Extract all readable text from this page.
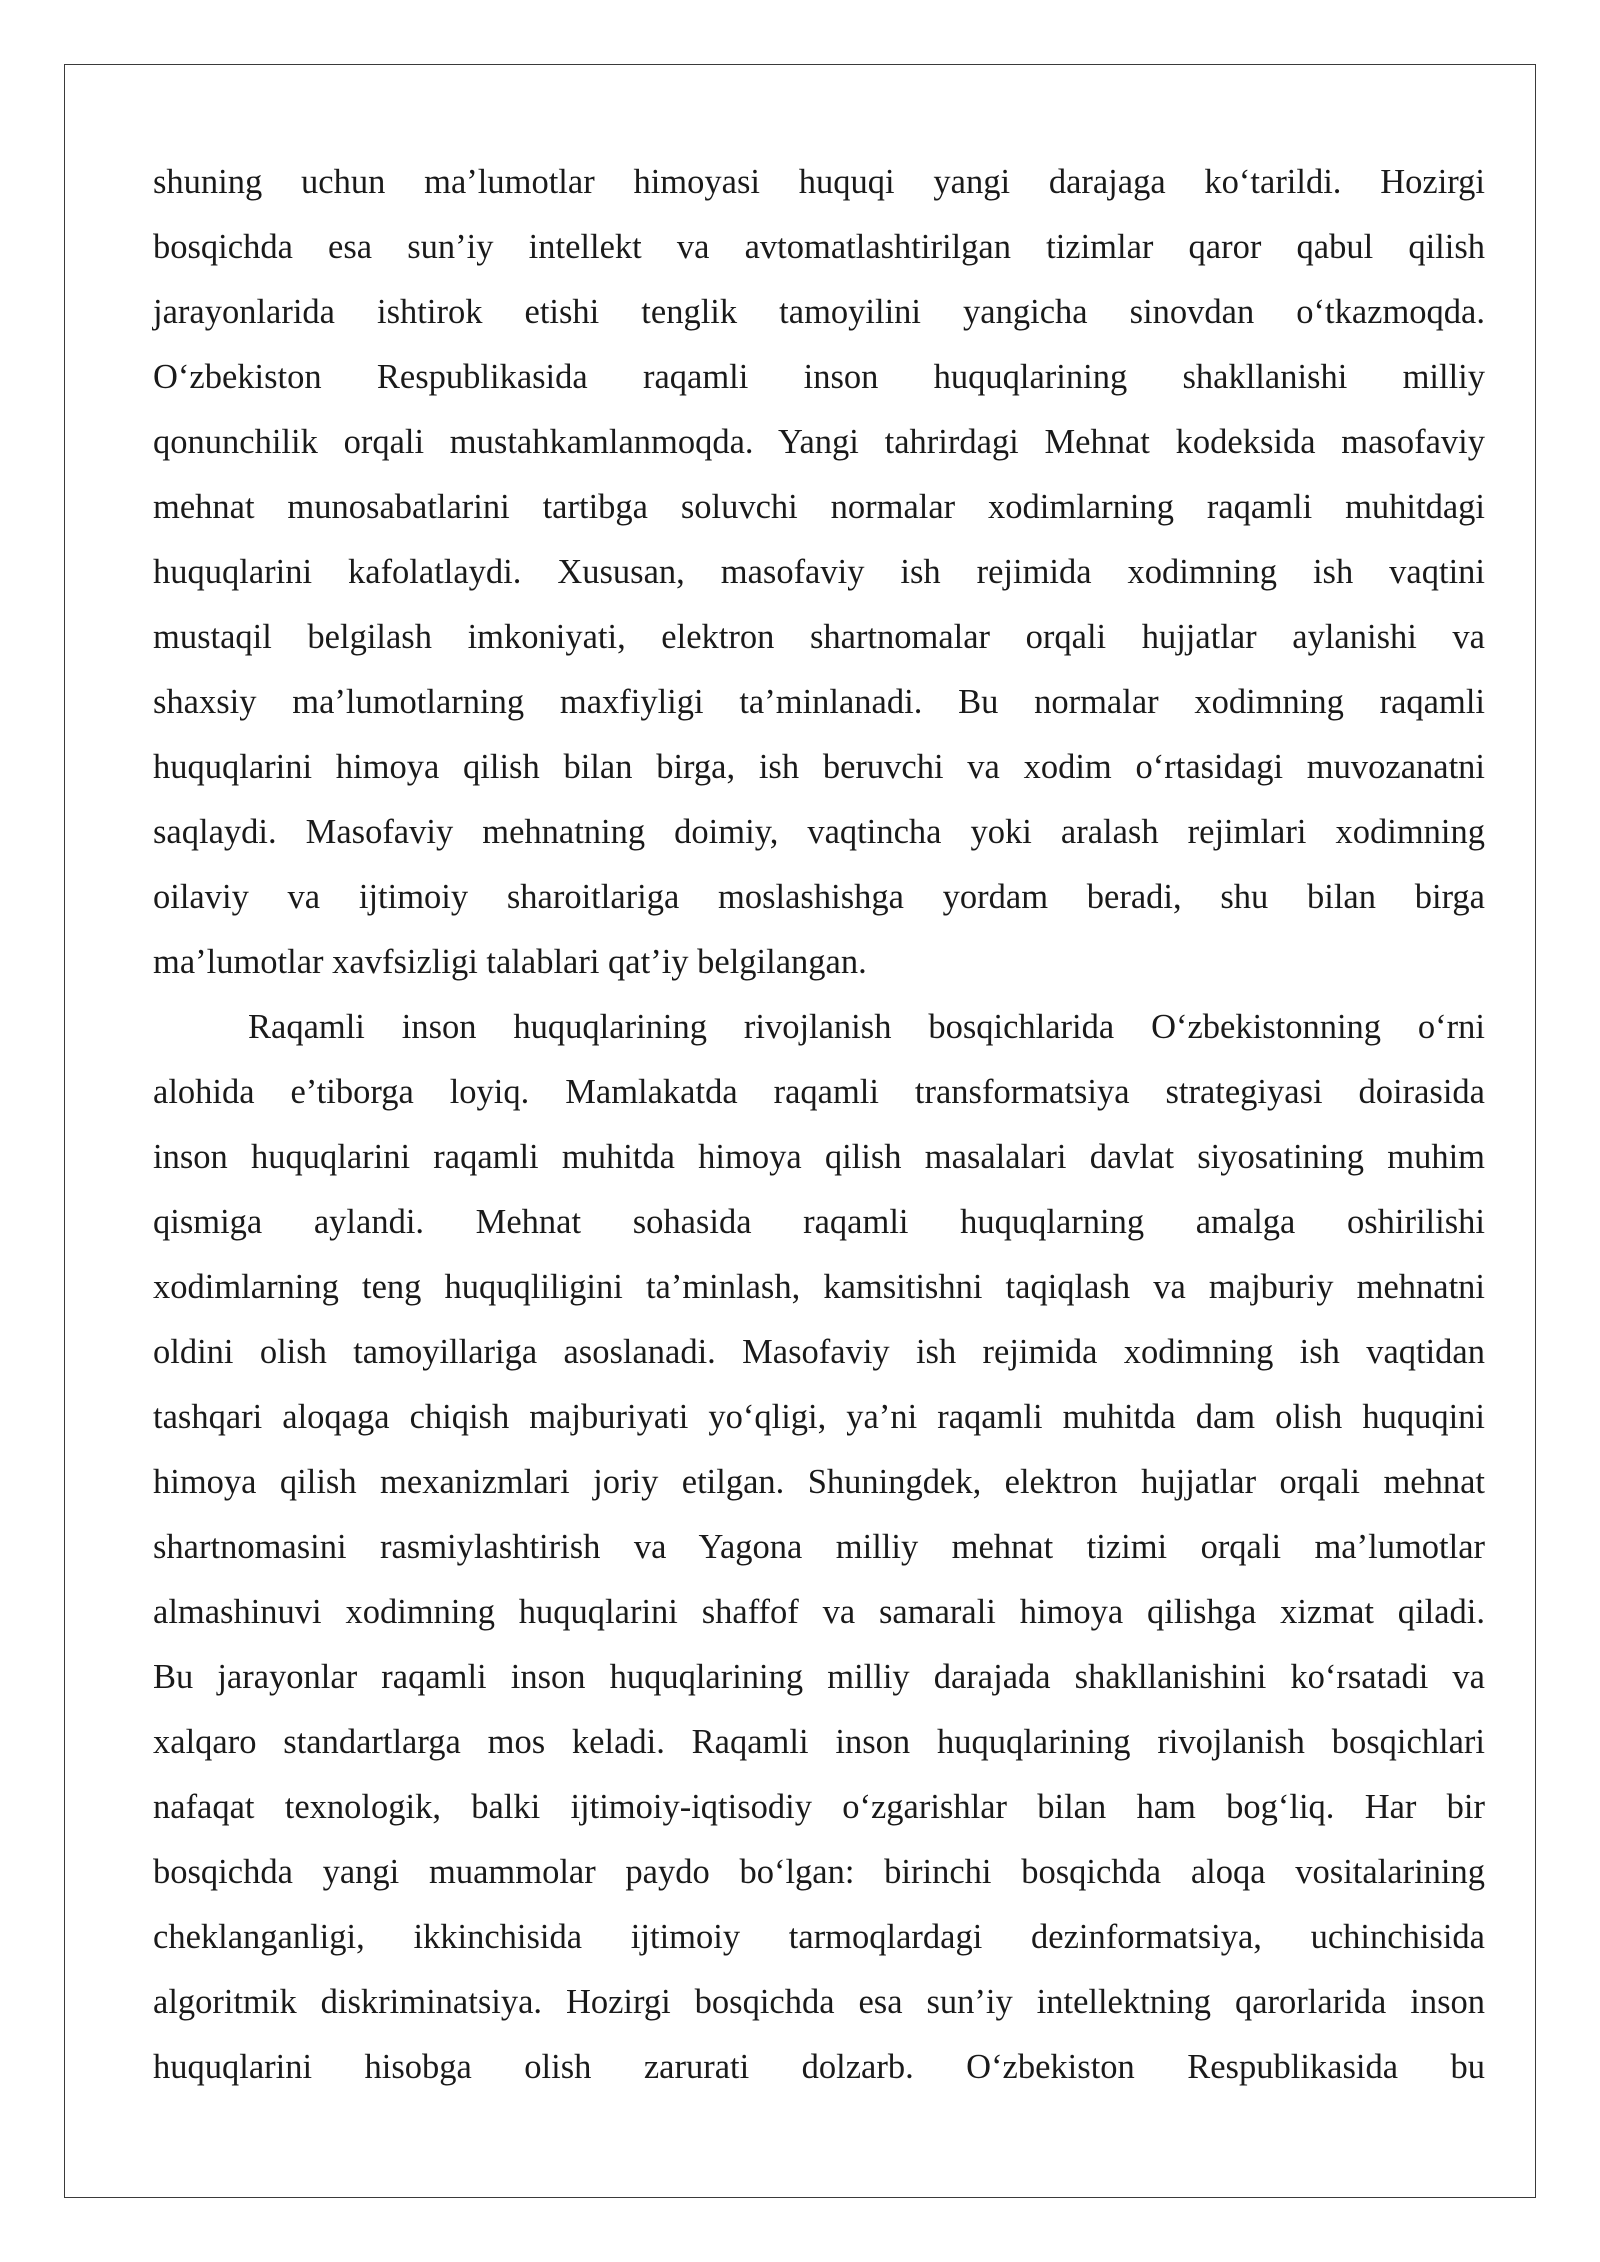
shuning uchun ma’lumotlar himoyasi huquqi yangi darajaga ko‘tarildi. Hozirgi
bosqichda esa sun’iy intellekt va avtomatlashtirilgan tizimlar qaror qabul qilish
jarayonlarida ishtirok etishi tenglik tamoyilini yangicha sinovdan o‘tkazmoqda.
O‘zbekiston Respublikasida raqamli inson huquqlarining shakllanishi milliy
qonunchilik orqali mustahkamlanmoqda. Yangi tahrirdagi Mehnat kodeksida masofaviy
mehnat munosabatlarini tartibga soluvchi normalar xodimlarning raqamli muhitdagi
huquqlarini kafolatlaydi. Xususan, masofaviy ish rejimida xodimning ish vaqtini
mustaqil belgilash imkoniyati, elektron shartnomalar orqali hujjatlar aylanishi va
shaxsiy ma’lumotlarning maxfiyligi ta’minlanadi. Bu normalar xodimning raqamli
huquqlarini himoya qilish bilan birga, ish beruvchi va xodim o‘rtasidagi muvozanatni
saqlaydi. Masofaviy mehnatning doimiy, vaqtincha yoki aralash rejimlari xodimning
oilaviy va ijtimoiy sharoitlariga moslashishga yordam beradi, shu bilan birga
ma’lumotlar xavfsizligi talablari qat’iy belgilangan.
Raqamli inson huquqlarining rivojlanish bosqichlarida O‘zbekistonning o‘rni
alohida e’tiborga loyiq. Mamlakatda raqamli transformatsiya strategiyasi doirasida
inson huquqlarini raqamli muhitda himoya qilish masalalari davlat siyosatining muhim
qismiga aylandi. Mehnat sohasida raqamli huquqlarning amalga oshirilishi
xodimlarning teng huquqliligini ta’minlash, kamsitishni taqiqlash va majburiy mehnatni
oldini olish tamoyillariga asoslanadi. Masofaviy ish rejimida xodimning ish vaqtidan
tashqari aloqaga chiqish majburiyati yo‘qligi, ya’ni raqamli muhitda dam olish huquqini
himoya qilish mexanizmlari joriy etilgan. Shuningdek, elektron hujjatlar orqali mehnat
shartnomasini rasmiylashtirish va Yagona milliy mehnat tizimi orqali ma’lumotlar
almashinuvi xodimning huquqlarini shaffof va samarali himoya qilishga xizmat qiladi.
Bu jarayonlar raqamli inson huquqlarining milliy darajada shakllanishini ko‘rsatadi va
xalqaro standartlarga mos keladi. Raqamli inson huquqlarining rivojlanish bosqichlari
nafaqat texnologik, balki ijtimoiy-iqtisodiy o‘zgarishlar bilan ham bog‘liq. Har bir
bosqichda yangi muammolar paydo bo‘lgan: birinchi bosqichda aloqa vositalarining
cheklanganligi, ikkinchisida ijtimoiy tarmoqlardagi dezinformatsiya, uchinchisida
algoritmik diskriminatsiya. Hozirgi bosqichda esa sun’iy intellektning qarorlarida inson
huquqlarini hisobga olish zarurati dolzarb. O‘zbekiston Respublikasida bu
